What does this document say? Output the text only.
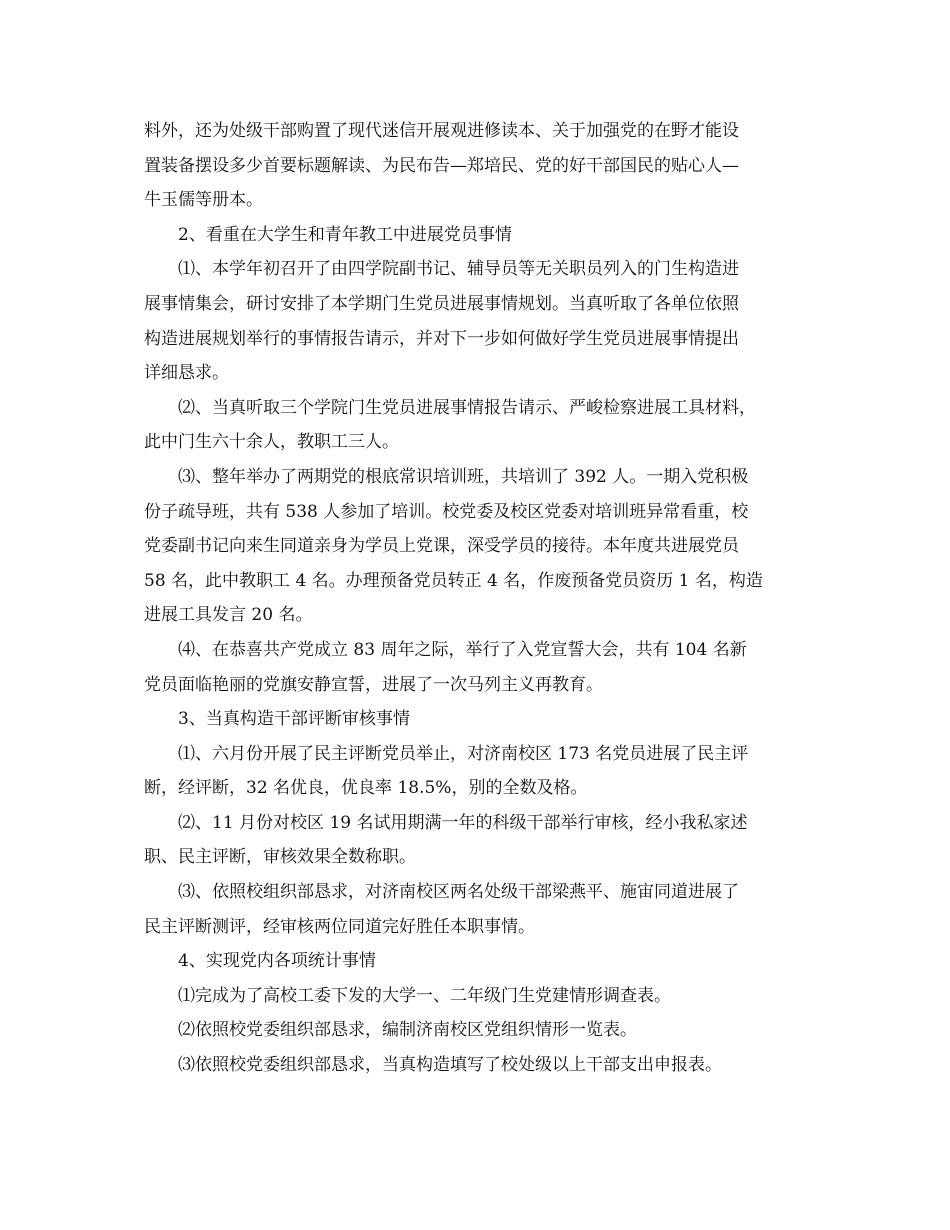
料外，还为处级干部购置了现代迷信开展观进修读本、关于加强党的在野才能设

置装备摆设多少首要标题解读、为民布告—郑培民、党的好干部国民的贴心人—

牛玉儒等册本。

2、看重在大学生和青年教工中进展党员事情

⑴、本学年初召开了由四学院副书记、辅导员等无关职员列入的门生构造进

展事情集会，研讨安排了本学期门生党员进展事情规划。当真听取了各单位依照

构造进展规划举行的事情报告请示，并对下一步如何做好学生党员进展事情提出

详细恳求。

⑵、当真听取三个学院门生党员进展事情报告请示、严峻检察进展工具材料，

此中门生六十余人，教职工三人。

⑶、整年举办了两期党的根底常识培训班，共培训了 392 人。一期入党积极

份子疏导班，共有 538 人参加了培训。校党委及校区党委对培训班异常看重，校

党委副书记向来生同道亲身为学员上党课，深受学员的接待。本年度共进展党员

58 名，此中教职工 4 名。办理预备党员转正 4 名，作废预备党员资历 1 名，构造

进展工具发言 20 名。

⑷、在恭喜共产党成立 83 周年之际，举行了入党宣誓大会，共有 104 名新

党员面临艳丽的党旗安静宣誓，进展了一次马列主义再教育。

3、当真构造干部评断审核事情

⑴、六月份开展了民主评断党员举止，对济南校区 173 名党员进展了民主评

断，经评断，32 名优良，优良率 18.5%，别的全数及格。

⑵、11 月份对校区 19 名试用期满一年的科级干部举行审核，经小我私家述

职、民主评断，审核效果全数称职。

⑶、依照校组织部恳求，对济南校区两名处级干部梁燕平、施宙同道进展了

民主评断测评，经审核两位同道完好胜任本职事情。

4、实现党内各项统计事情

⑴完成为了高校工委下发的大学一、二年级门生党建情形调查表。

⑵依照校党委组织部恳求，编制济南校区党组织情形一览表。

⑶依照校党委组织部恳求，当真构造填写了校处级以上干部支出申报表。
